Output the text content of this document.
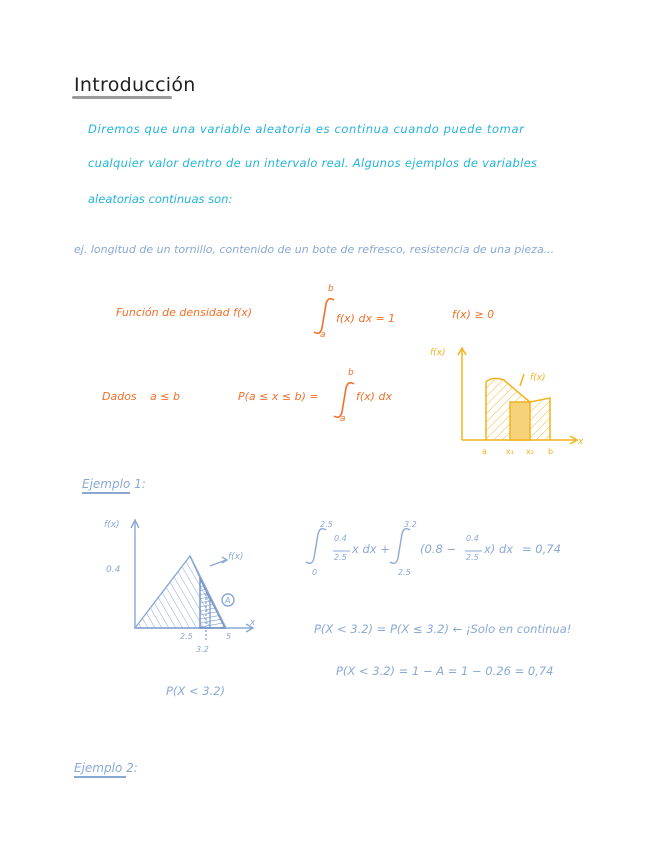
Introducción
Diremos que una variable aleatoria es continua cuando puede tomar
cualquier valor dentro de un intervalo real. Algunos ejemplos de variables
aleatorias continuas son:
ej. longitud de un tornillo, contenido de un bote de refresco, resistencia de una pieza...
Función de densidad f(x)
b
a
f(x) dx = 1	f(x) ≥ 0
Dados a ≤ b	P(a ≤ x ≤ b) =
b
a
f(x) dx
Ejemplo 1:
f(x)
0.4
f(x)
A
x
2.5
3.2
5
P(X < 3.2)
2.5
0
0.4
2.5
x dx +
3.2
2.5
(0.8 −
0.4
2.5
x) dx = 0,74
P(X < 3.2) = P(X ≤ 3.2) ← ¡Solo en continua!
P(X < 3.2) = 1 − A = 1 − 0.26 = 0,74
Ejemplo 2:
f(x)
f(x)
x
a x₁ x₂ b
